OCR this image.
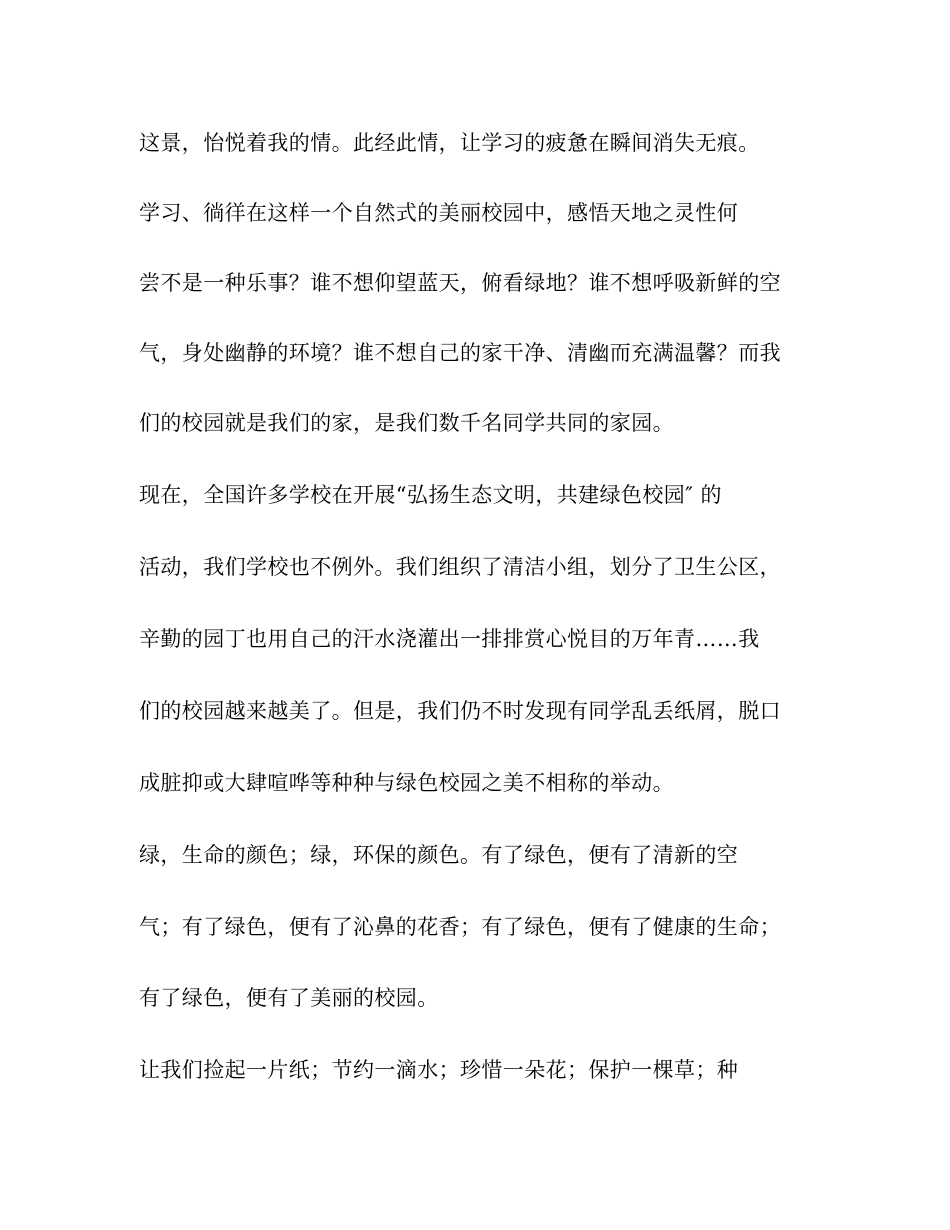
这景，怡悦着我的情。此经此情，让学习的疲惫在瞬间消失无痕。

学习、徜徉在这样一个自然式的美丽校园中，感悟天地之灵性何

尝不是一种乐事？谁不想仰望蓝天，俯看绿地？谁不想呼吸新鲜的空

气，身处幽静的环境？谁不想自己的家干净、清幽而充满温馨？而我

们的校园就是我们的家，是我们数千名同学共同的家园。

现在，全国许多学校在开展“弘扬生态文明，共建绿色校园″ 的

活动，我们学校也不例外。我们组织了清洁小组，划分了卫生公区，

辛勤的园丁也用自己的汗水浇灌出一排排赏心悦目的万年青……我

们的校园越来越美了。但是，我们仍不时发现有同学乱丢纸屑，脱口

成脏抑或大肆喧哗等种种与绿色校园之美不相称的举动。

绿，生命的颜色；绿，环保的颜色。有了绿色，便有了清新的空

气；有了绿色，便有了沁鼻的花香；有了绿色，便有了健康的生命；

有了绿色，便有了美丽的校园。

让我们捡起一片纸；节约一滴水；珍惜一朵花；保护一棵草；种
